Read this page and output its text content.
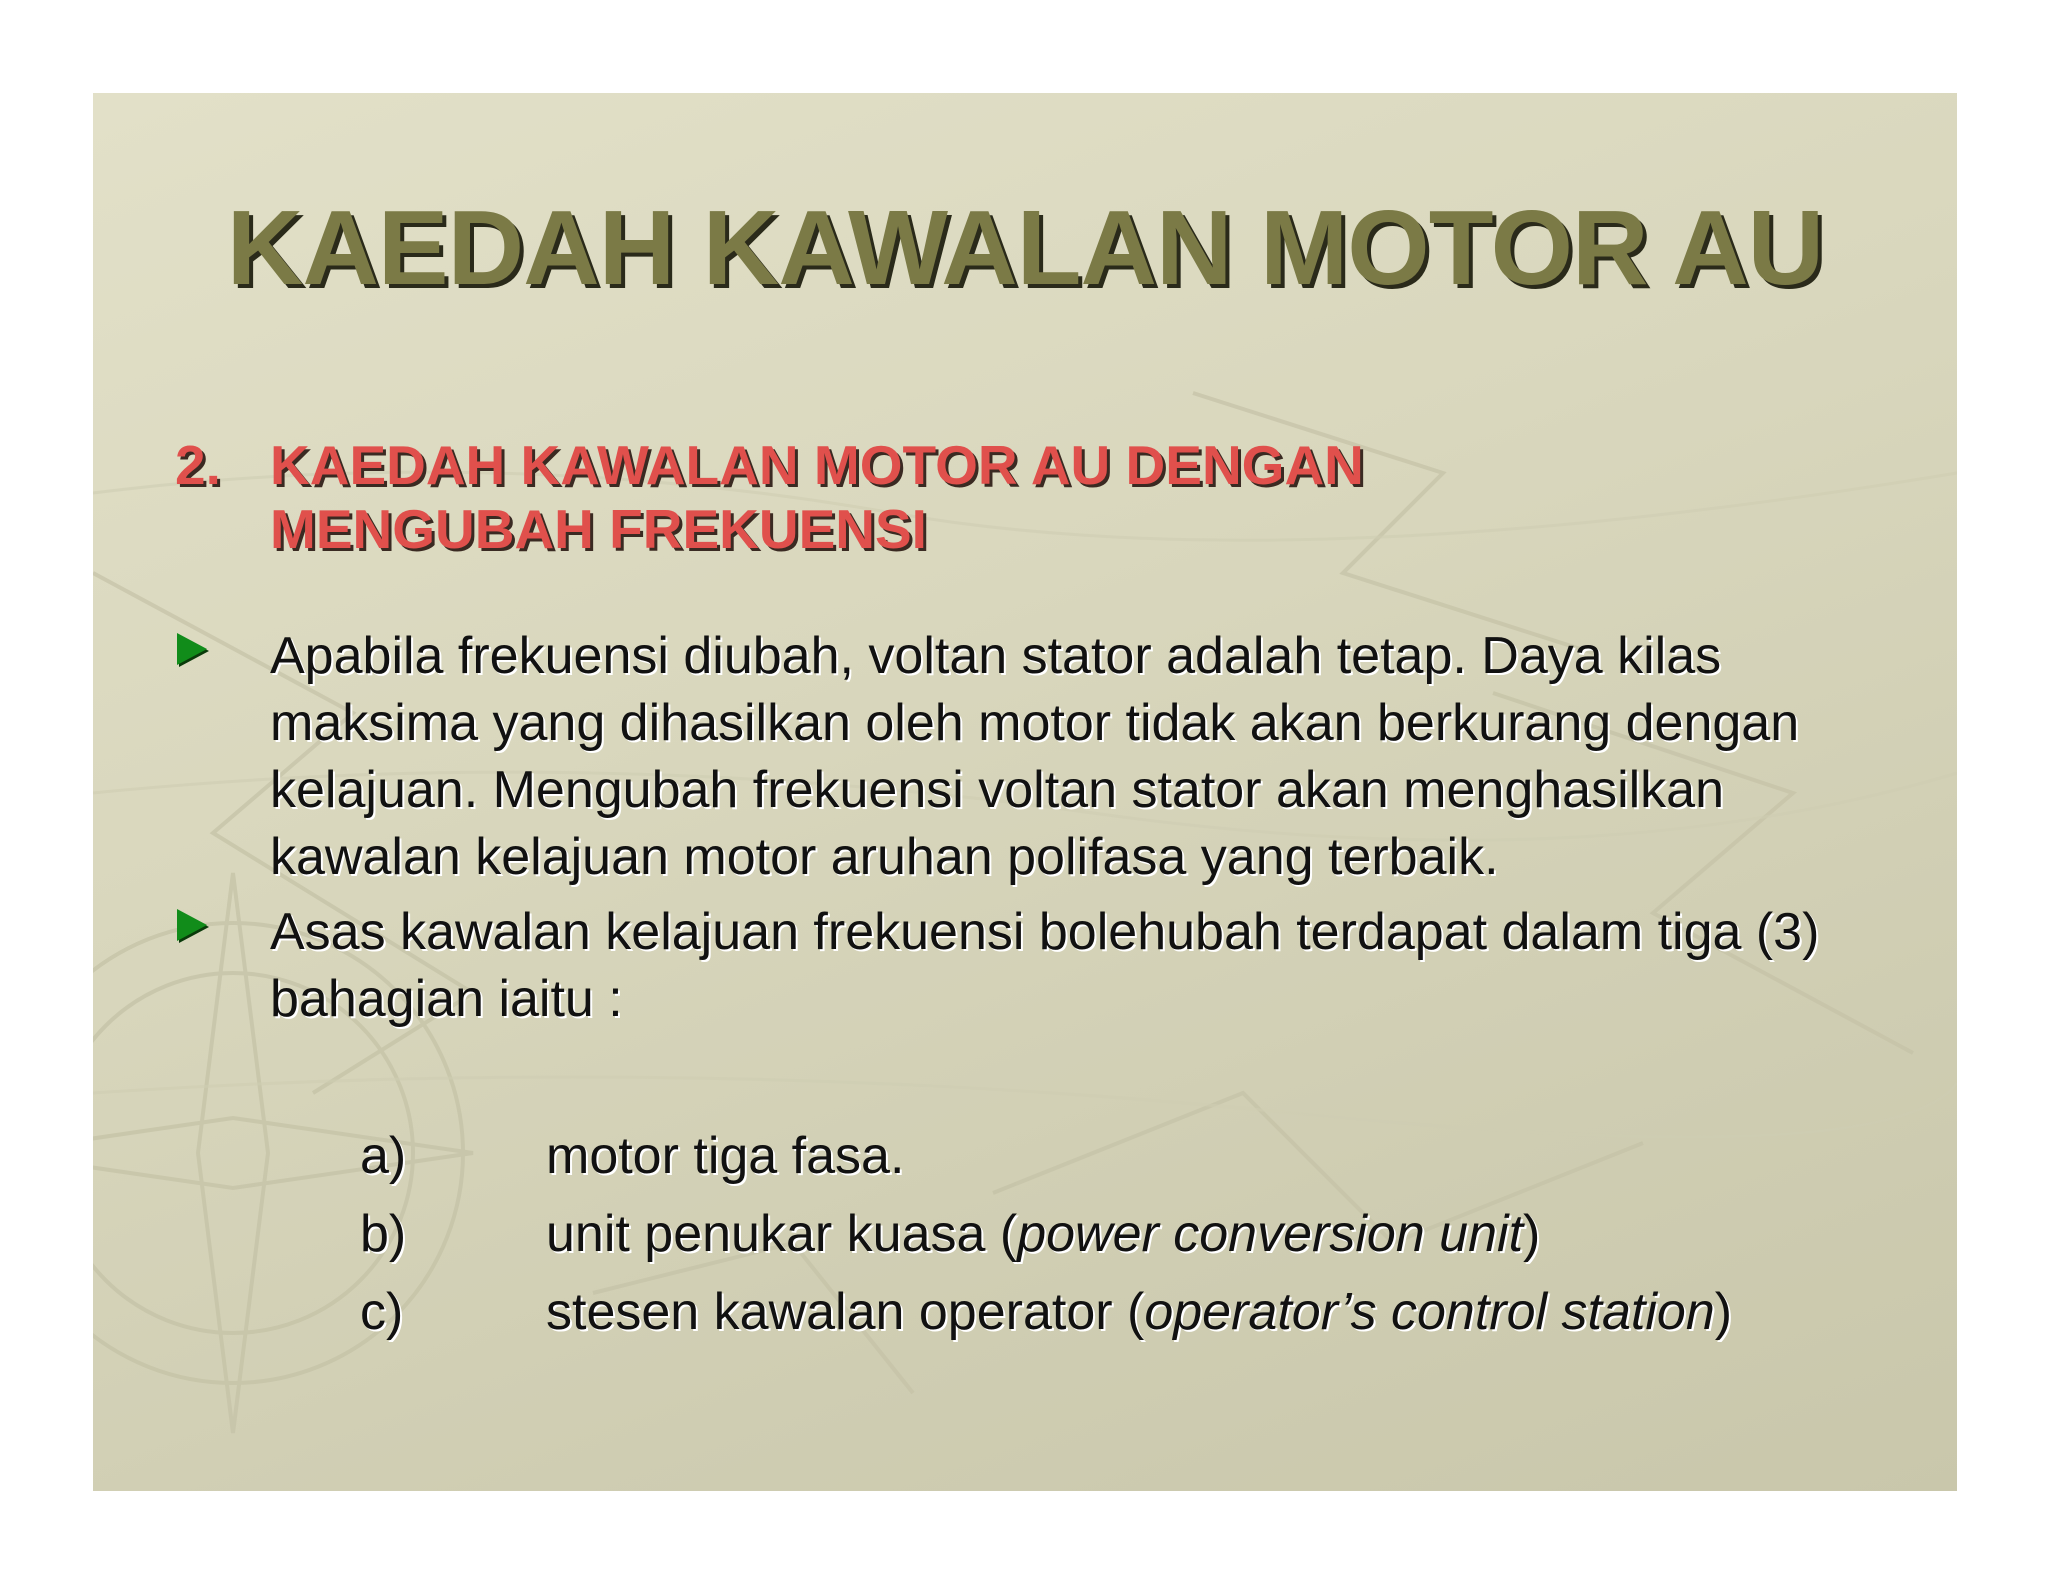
KAEDAH KAWALAN MOTOR AU
2. KAEDAH KAWALAN MOTOR AU DENGAN
MENGUBAH FREKUENSI
Apabila frekuensi diubah, voltan stator adalah tetap. Daya kilas maksima yang dihasilkan oleh motor tidak akan berkurang dengan kelajuan. Mengubah frekuensi voltan stator akan menghasilkan kawalan kelajuan motor aruhan polifasa yang terbaik.
Asas kawalan kelajuan frekuensi bolehubah terdapat dalam tiga (3) bahagian iaitu :
a)	motor tiga fasa.
b)	unit penukar kuasa (power conversion unit)
c)	stesen kawalan operator (operator’s control station)
